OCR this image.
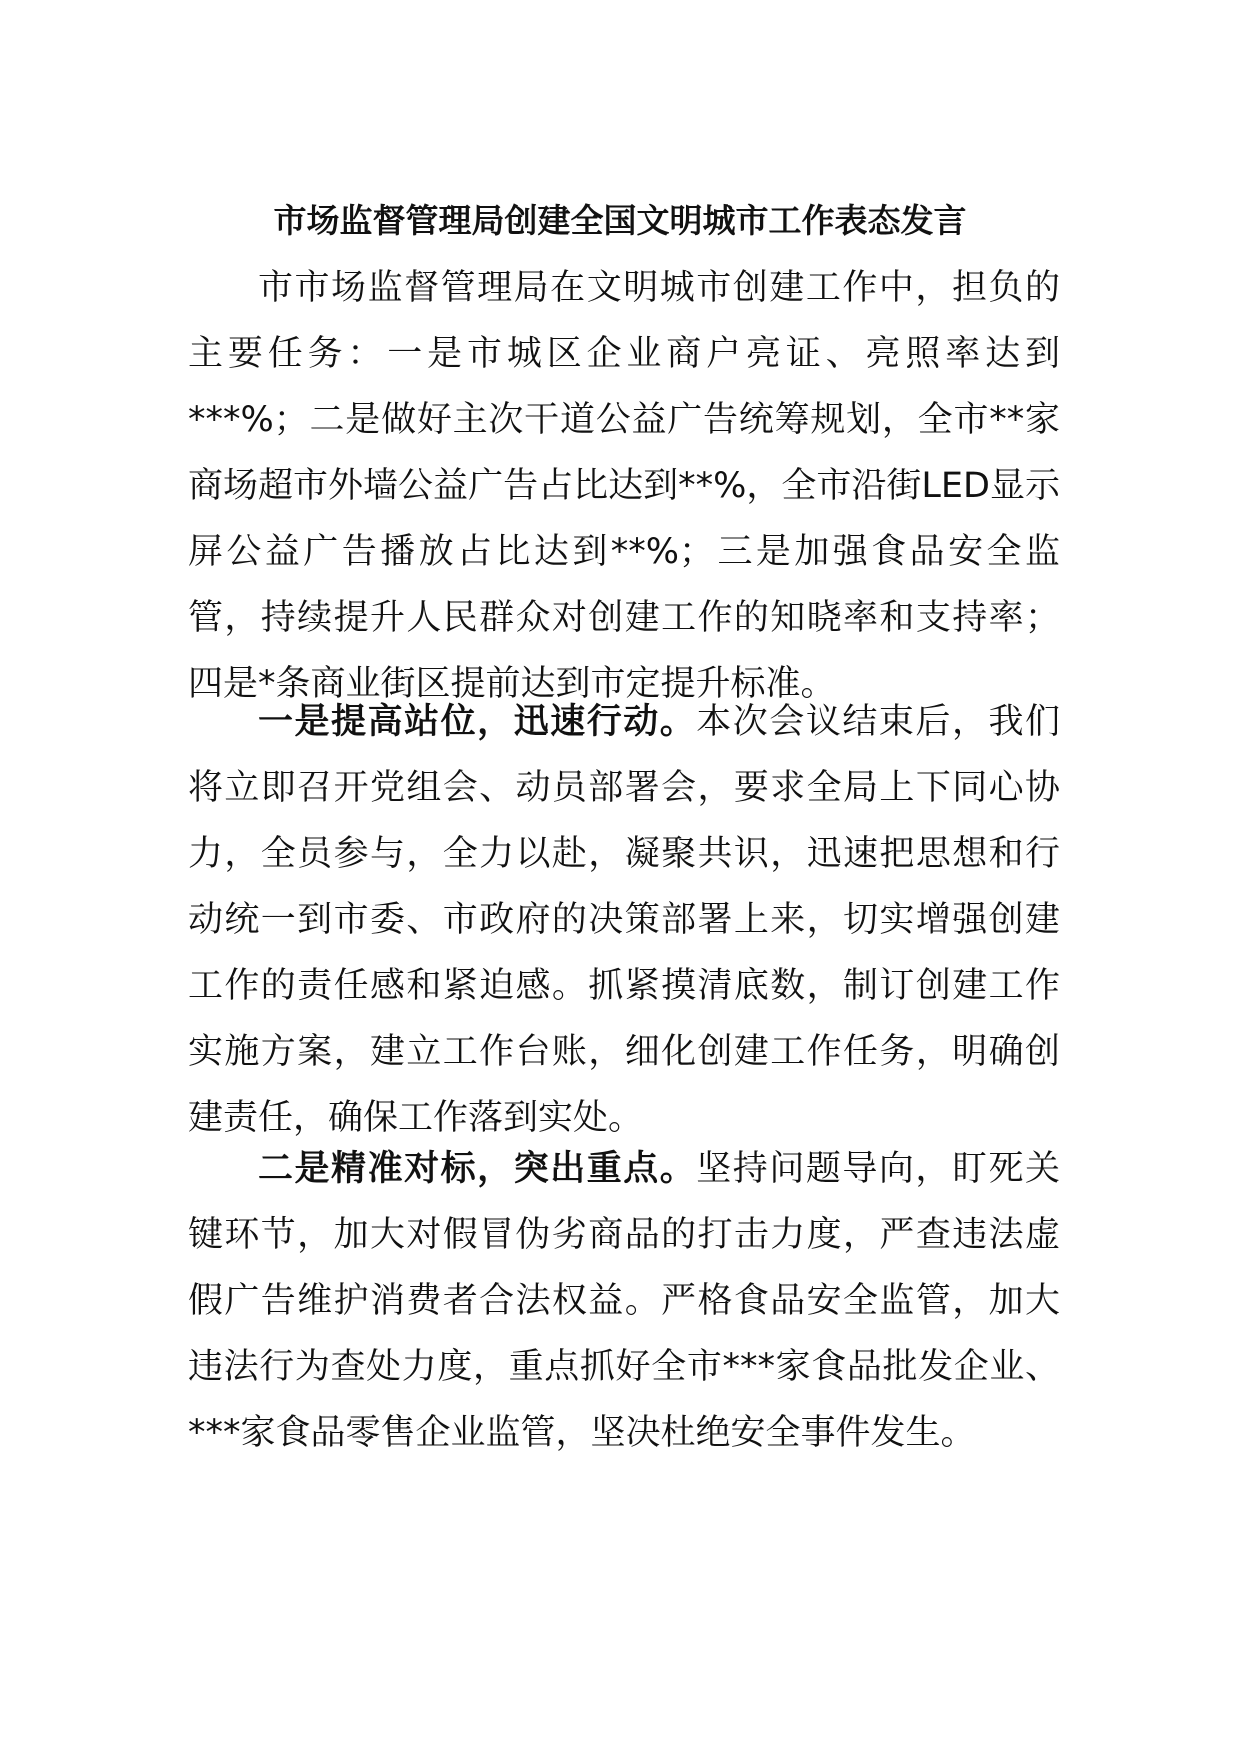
市场监督管理局创建全国文明城市工作表态发言

市市场监督管理局在文明城市创建工作中，担负的主要任务：一是市城区企业商户亮证、亮照率达到***%；二是做好主次干道公益广告统筹规划，全市**家商场超市外墙公益广告占比达到**%，全市沿街LED显示屏公益广告播放占比达到**%；三是加强食品安全监管，持续提升人民群众对创建工作的知晓率和支持率；四是*条商业街区提前达到市定提升标准。

一是提高站位，迅速行动。本次会议结束后，我们将立即召开党组会、动员部署会，要求全局上下同心协力，全员参与，全力以赴，凝聚共识，迅速把思想和行动统一到市委、市政府的决策部署上来，切实增强创建工作的责任感和紧迫感。抓紧摸清底数，制订创建工作实施方案，建立工作台账，细化创建工作任务，明确创建责任，确保工作落到实处。

二是精准对标，突出重点。坚持问题导向，盯死关键环节，加大对假冒伪劣商品的打击力度，严查违法虚假广告维护消费者合法权益。严格食品安全监管，加大违法行为查处力度，重点抓好全市***家食品批发企业、***家食品零售企业监管，坚决杜绝安全事件发生。
